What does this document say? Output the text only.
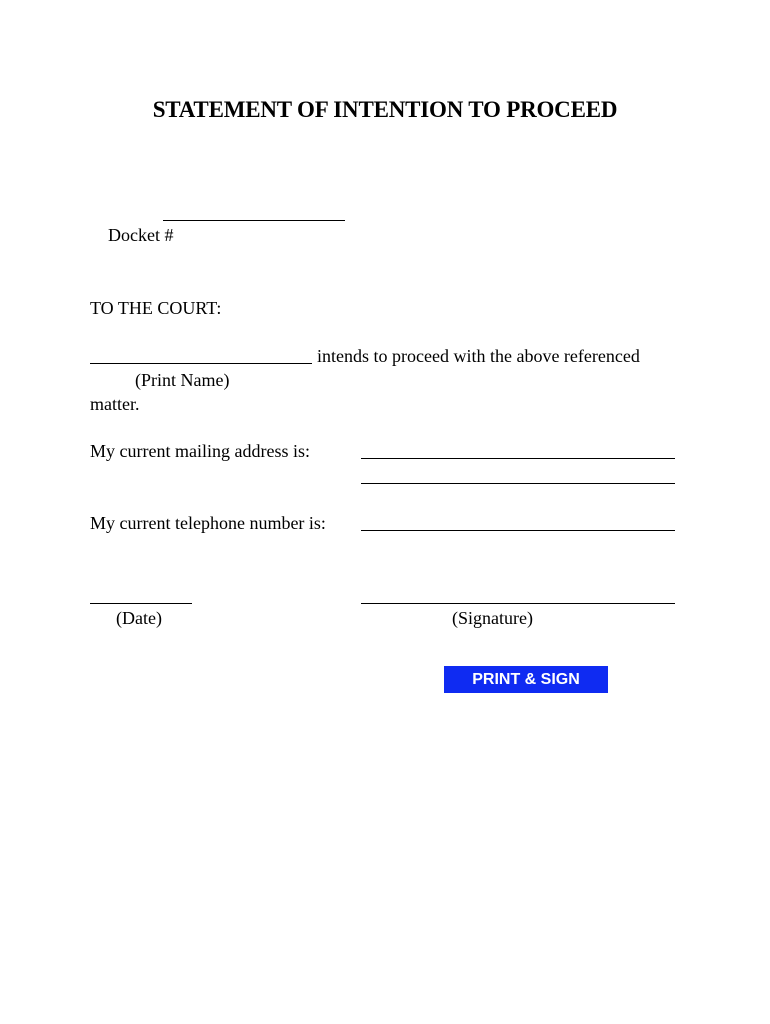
STATEMENT OF INTENTION TO PROCEED

Docket #

TO THE COURT:
intends to proceed with the above referenced
(Print Name)
matter.
My current mailing address is:
My current telephone number is:
(Date)	(Signature)
PRINT & SIGN
